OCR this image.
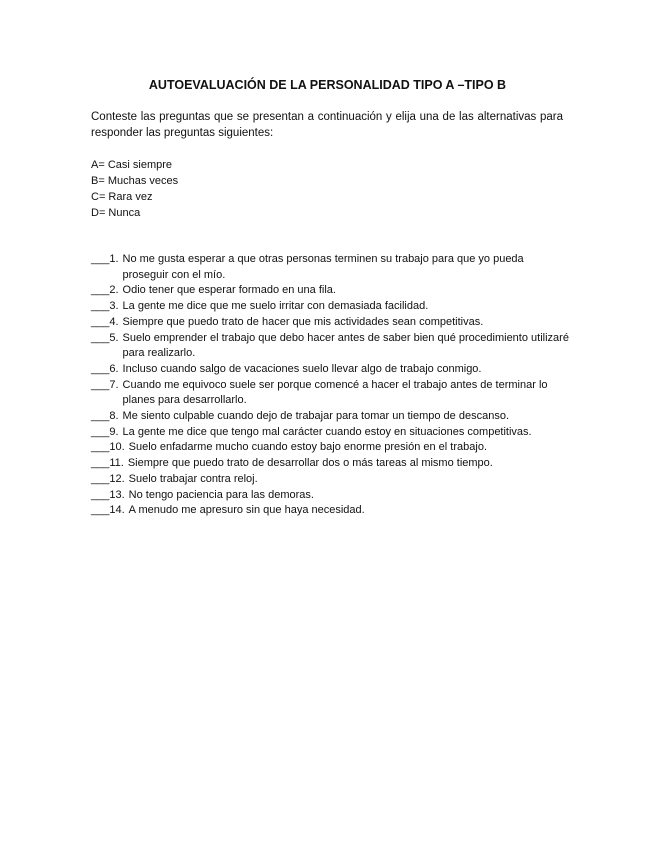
AUTOEVALUACIÓN DE LA PERSONALIDAD TIPO A –TIPO B
Conteste las preguntas que se presentan a continuación y elija una de las alternativas para responder las preguntas siguientes:
A= Casi siempre
B= Muchas veces
C= Rara vez
D= Nunca
___1. No me gusta esperar a que otras personas terminen su trabajo para que yo pueda proseguir con el mío.
___2. Odio tener que esperar formado en una fila.
___3. La gente me dice que me suelo irritar con demasiada facilidad.
___4. Siempre que puedo trato de hacer que mis actividades sean competitivas.
___5. Suelo emprender el trabajo que debo hacer antes de saber bien qué procedimiento utilizaré para realizarlo.
___6. Incluso cuando salgo de vacaciones suelo llevar algo de trabajo conmigo.
___7. Cuando me equivoco suele ser porque comencé a hacer el trabajo antes de terminar lo planes para desarrollarlo.
___8. Me siento culpable cuando dejo de trabajar para tomar un tiempo de descanso.
___9. La gente me dice que tengo mal carácter cuando estoy en situaciones competitivas.
___10. Suelo enfadarme mucho cuando estoy bajo enorme presión en el trabajo.
___11. Siempre que puedo trato de desarrollar dos o más tareas al mismo tiempo.
___12. Suelo trabajar contra reloj.
___13. No tengo paciencia para las demoras.
___14. A menudo me apresuro sin que haya necesidad.
